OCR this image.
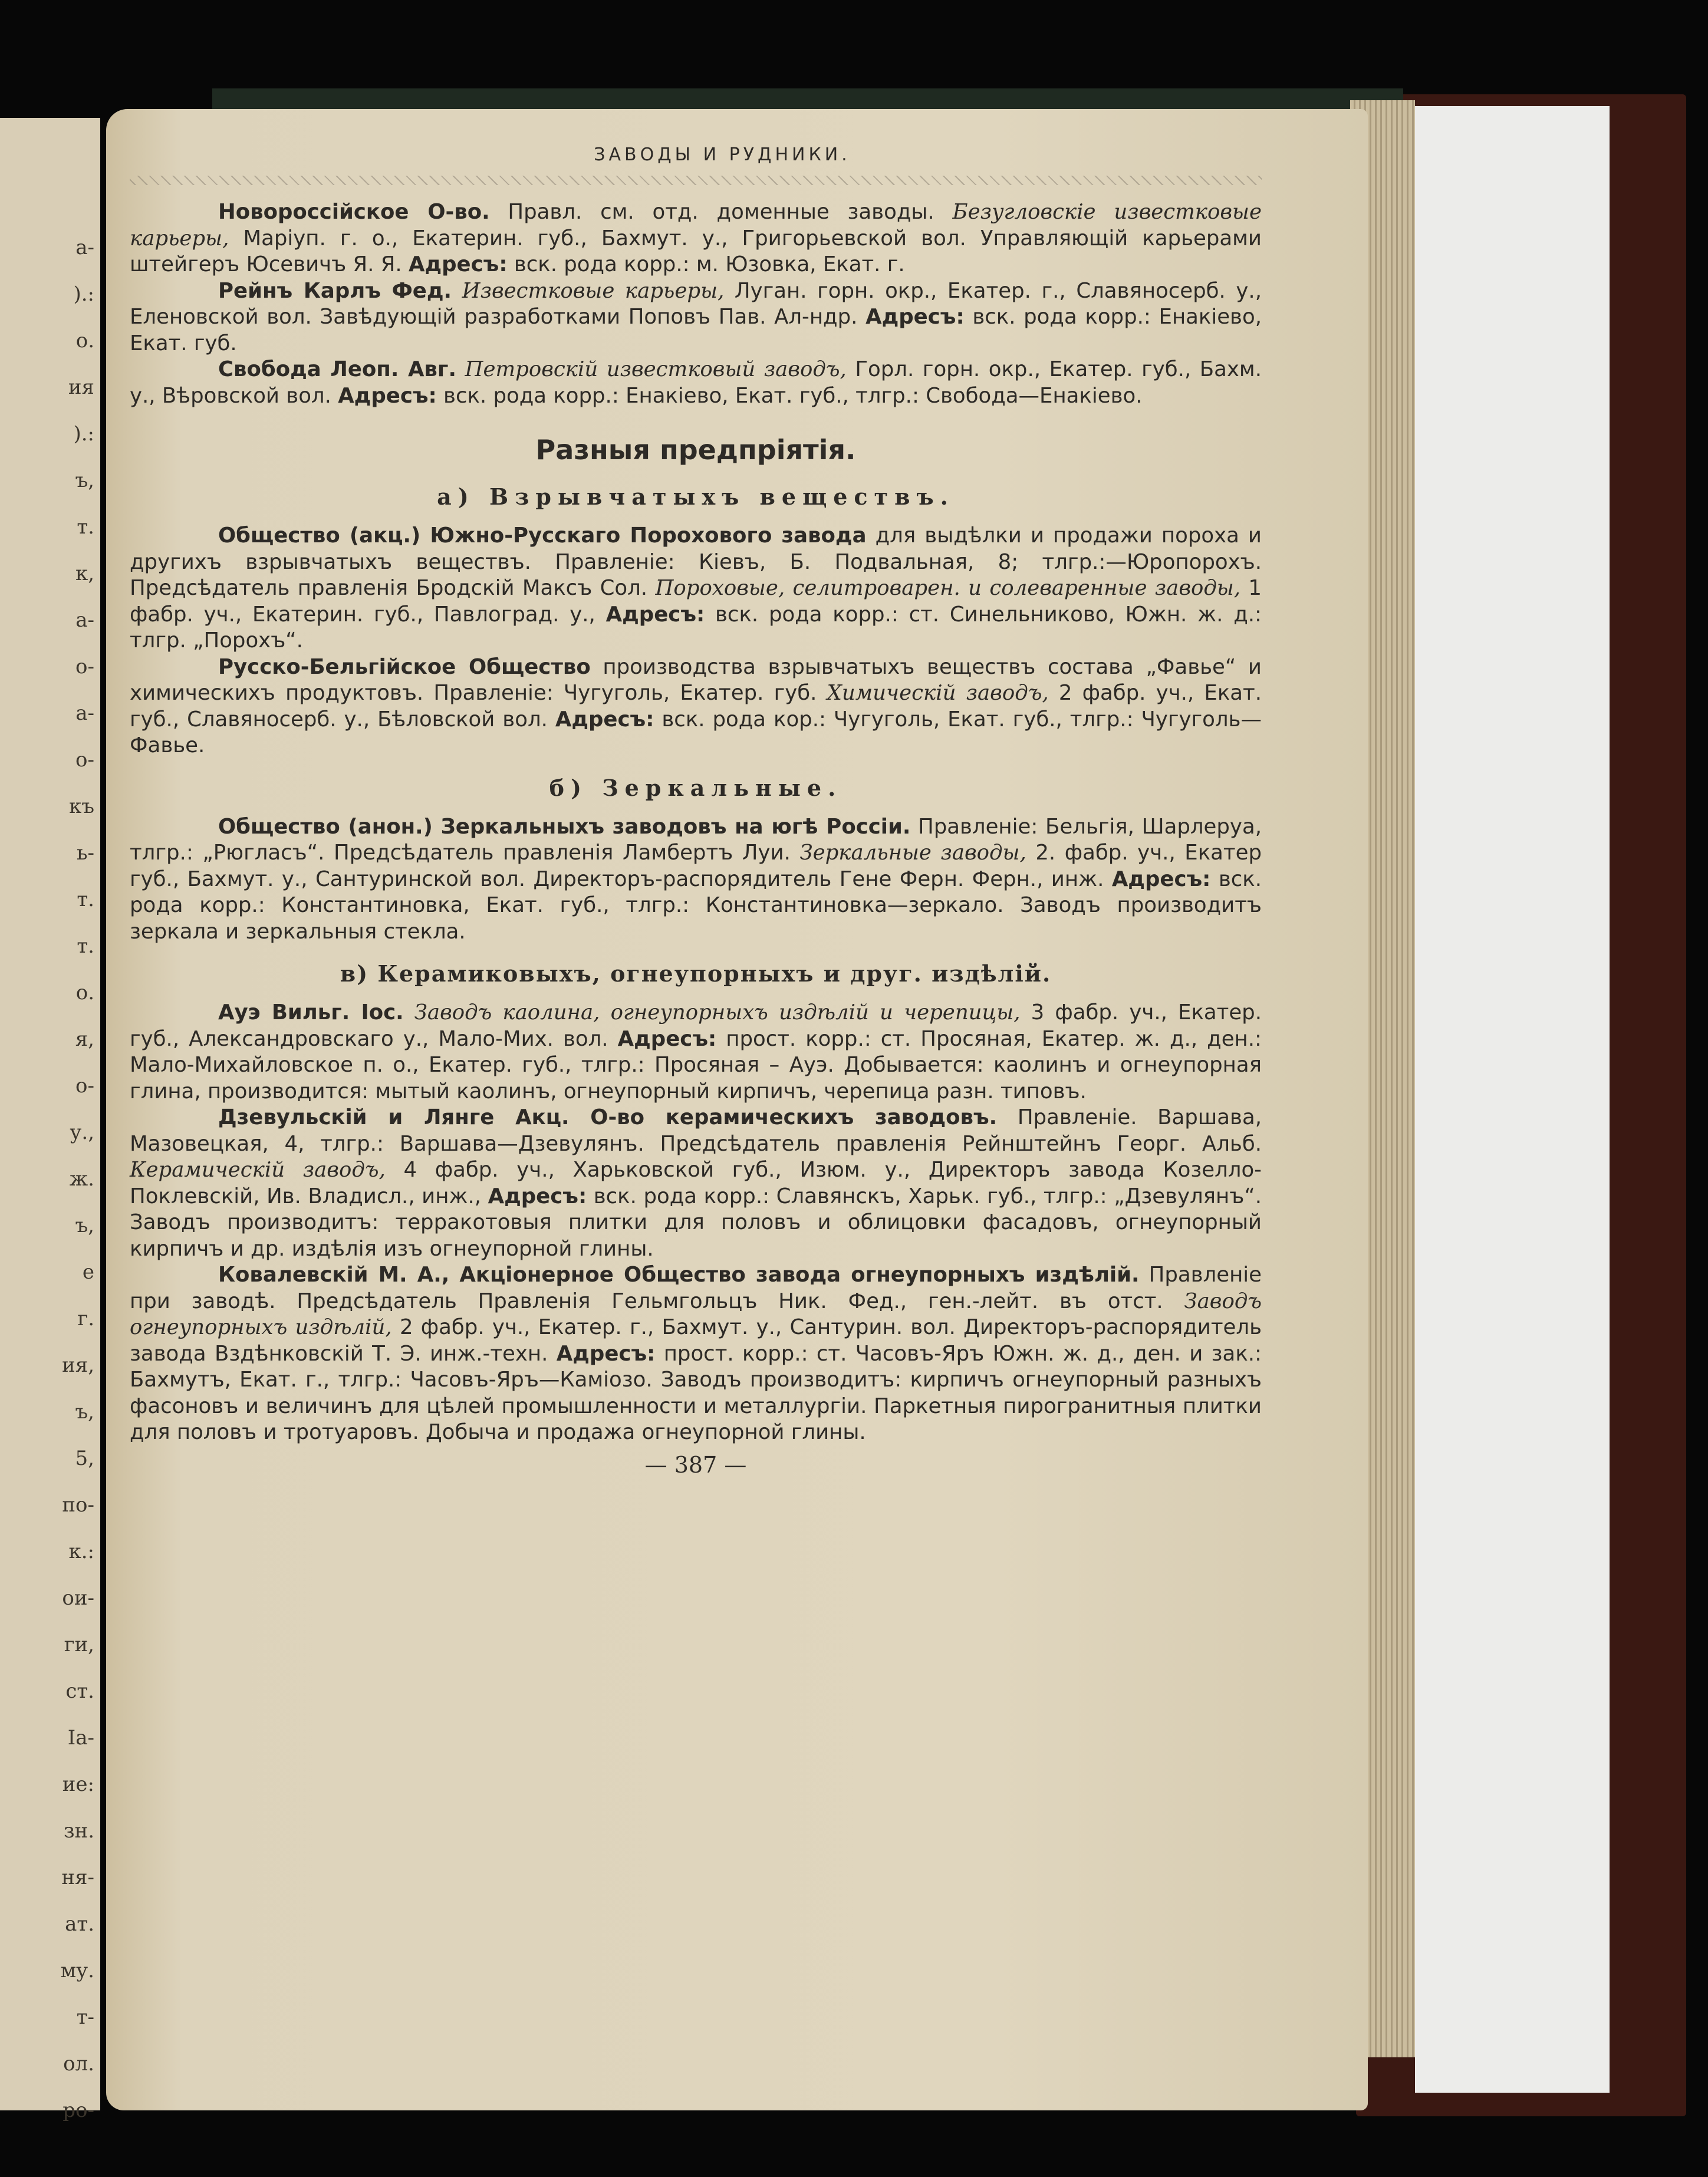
а-
).:
о.
ия
).:
ъ,
т.
к,
а-
о-
а-
о-
къ
ь-
т.
т.
о.
я,
о-
у.,
ж.
ъ,
е
г.
ия,
ъ,
5,
по-
к.:
ои-
ги,
ст.
Ia-
ие:
зн.
ня-
ат.
му.
т-
ол.
ро-
ЗАВОДЫ И РУДНИКИ.

Новороссійское О-во. Правл. см. отд. доменные заводы. Безугловскіе известковые карьеры, Маріуп. г. о., Екатерин. губ., Бахмут. у., Григорьевской вол. Управляющій карьерами штейгеръ Юсевичъ Я. Я. Адресъ: вск. рода корр.: м. Юзовка, Екат. г.

Рейнъ Карлъ Фед. Известковые карьеры, Луган. горн. окр., Екатер. г., Славяносерб. у., Еленовской вол. Завѣдующій разработками Поповъ Пав. Ал-ндр. Адресъ: вск. рода корр.: Енакіево, Екат. губ.

Свобода Леоп. Авг. Петровскій известковый заводъ, Горл. горн. окр., Екатер. губ., Бахм. у., Вѣровской вол. Адресъ: вск. рода корр.: Енакіево, Екат. губ., тлгр.: Свобода—Енакіево.

Разныя предпріятія.
а) Взрывчатыхъ веществъ.

Общество (акц.) Южно-Русскаго Порохового завода для выдѣлки и продажи пороха и другихъ взрывчатыхъ веществъ. Правленіе: Кіевъ, Б. Подвальная, 8; тлгр.:—Юропорохъ. Предсѣдатель правленія Бродскій Максъ Сол. Пороховые, селитроварен. и солеваренные заводы, 1 фабр. уч., Екатерин. губ., Павлоград. у., Адресъ: вск. рода корр.: ст. Синельниково, Южн. ж. д.: тлгр. „Порохъ“.

Русско-Бельгійское Общество производства взрывчатыхъ веществъ состава „Фавье“ и химическихъ продуктовъ. Правленіе: Чугуголь, Екатер. губ. Химическій заводъ, 2 фабр. уч., Екат. губ., Славяносерб. у., Бѣловской вол. Адресъ: вск. рода кор.: Чугуголь, Екат. губ., тлгр.: Чугуголь—Фавье.

б) Зеркальные.

Общество (анон.) Зеркальныхъ заводовъ на югѣ Россіи. Правленіе: Бельгія, Шарлеруа, тлгр.: „Рюгласъ“. Предсѣдатель правленія Ламбертъ Луи. Зеркальные заводы, 2. фабр. уч., Екатер губ., Бахмут. у., Сантуринской вол. Директоръ-распорядитель Гене Ферн. Ферн., инж. Адресъ: вск. рода корр.: Константиновка, Екат. губ., тлгр.: Константиновка—зеркало. Заводъ производитъ зеркала и зеркальныя стекла.

в) Керамиковыхъ, огнеупорныхъ и друг. издѣлій.

Ауэ Вильг. Іос. Заводъ каолина, огнеупорныхъ издѣлій и черепицы, 3 фабр. уч., Екатер. губ., Александровскаго у., Мало-Мих. вол. Адресъ: прост. корр.: ст. Просяная, Екатер. ж. д., ден.: Мало-Михайловское п. о., Екатер. губ., тлгр.: Просяная – Ауэ. Добывается: каолинъ и огнеупорная глина, производится: мытый каолинъ, огнеупорный кирпичъ, черепица разн. типовъ.

Дзевульскій и Лянге Акц. О-во керамическихъ заводовъ. Правленіе. Варшава, Мазовецкая, 4, тлгр.: Варшава—Дзевулянъ. Предсѣдатель правленія Рейнштейнъ Георг. Альб. Керамическій заводъ, 4 фабр. уч., Харьковской губ., Изюм. у., Директоръ завода Козелло-Поклевскій, Ив. Владисл., инж., Адресъ: вск. рода корр.: Славянскъ, Харьк. губ., тлгр.: „Дзевулянъ“. Заводъ производитъ: терракотовыя плитки для половъ и облицовки фасадовъ, огнеупорный кирпичъ и др. издѣлія изъ огнеупорной глины.

Ковалевскій М. А., Акціонерное Общество завода огнеупорныхъ издѣлій. Правленіе при заводѣ. Предсѣдатель Правленія Гельмгольцъ Ник. Фед., ген.-лейт. въ отст. Заводъ огнеупорныхъ издѣлій, 2 фабр. уч., Екатер. г., Бахмут. у., Сантурин. вол. Директоръ-распорядитель завода Вздѣнковскій Т. Э. инж.-техн. Адресъ: прост. корр.: ст. Часовъ-Яръ Южн. ж. д., ден. и зак.: Бахмутъ, Екат. г., тлгр.: Часовъ-Яръ—Каміозо. Заводъ производитъ: кирпичъ огнеупорный разныхъ фасоновъ и величинъ для цѣлей промышленности и металлургіи. Паркетныя пирогранитныя плитки для половъ и тротуаровъ. Добыча и продажа огнеупорной глины.

— 387 —
